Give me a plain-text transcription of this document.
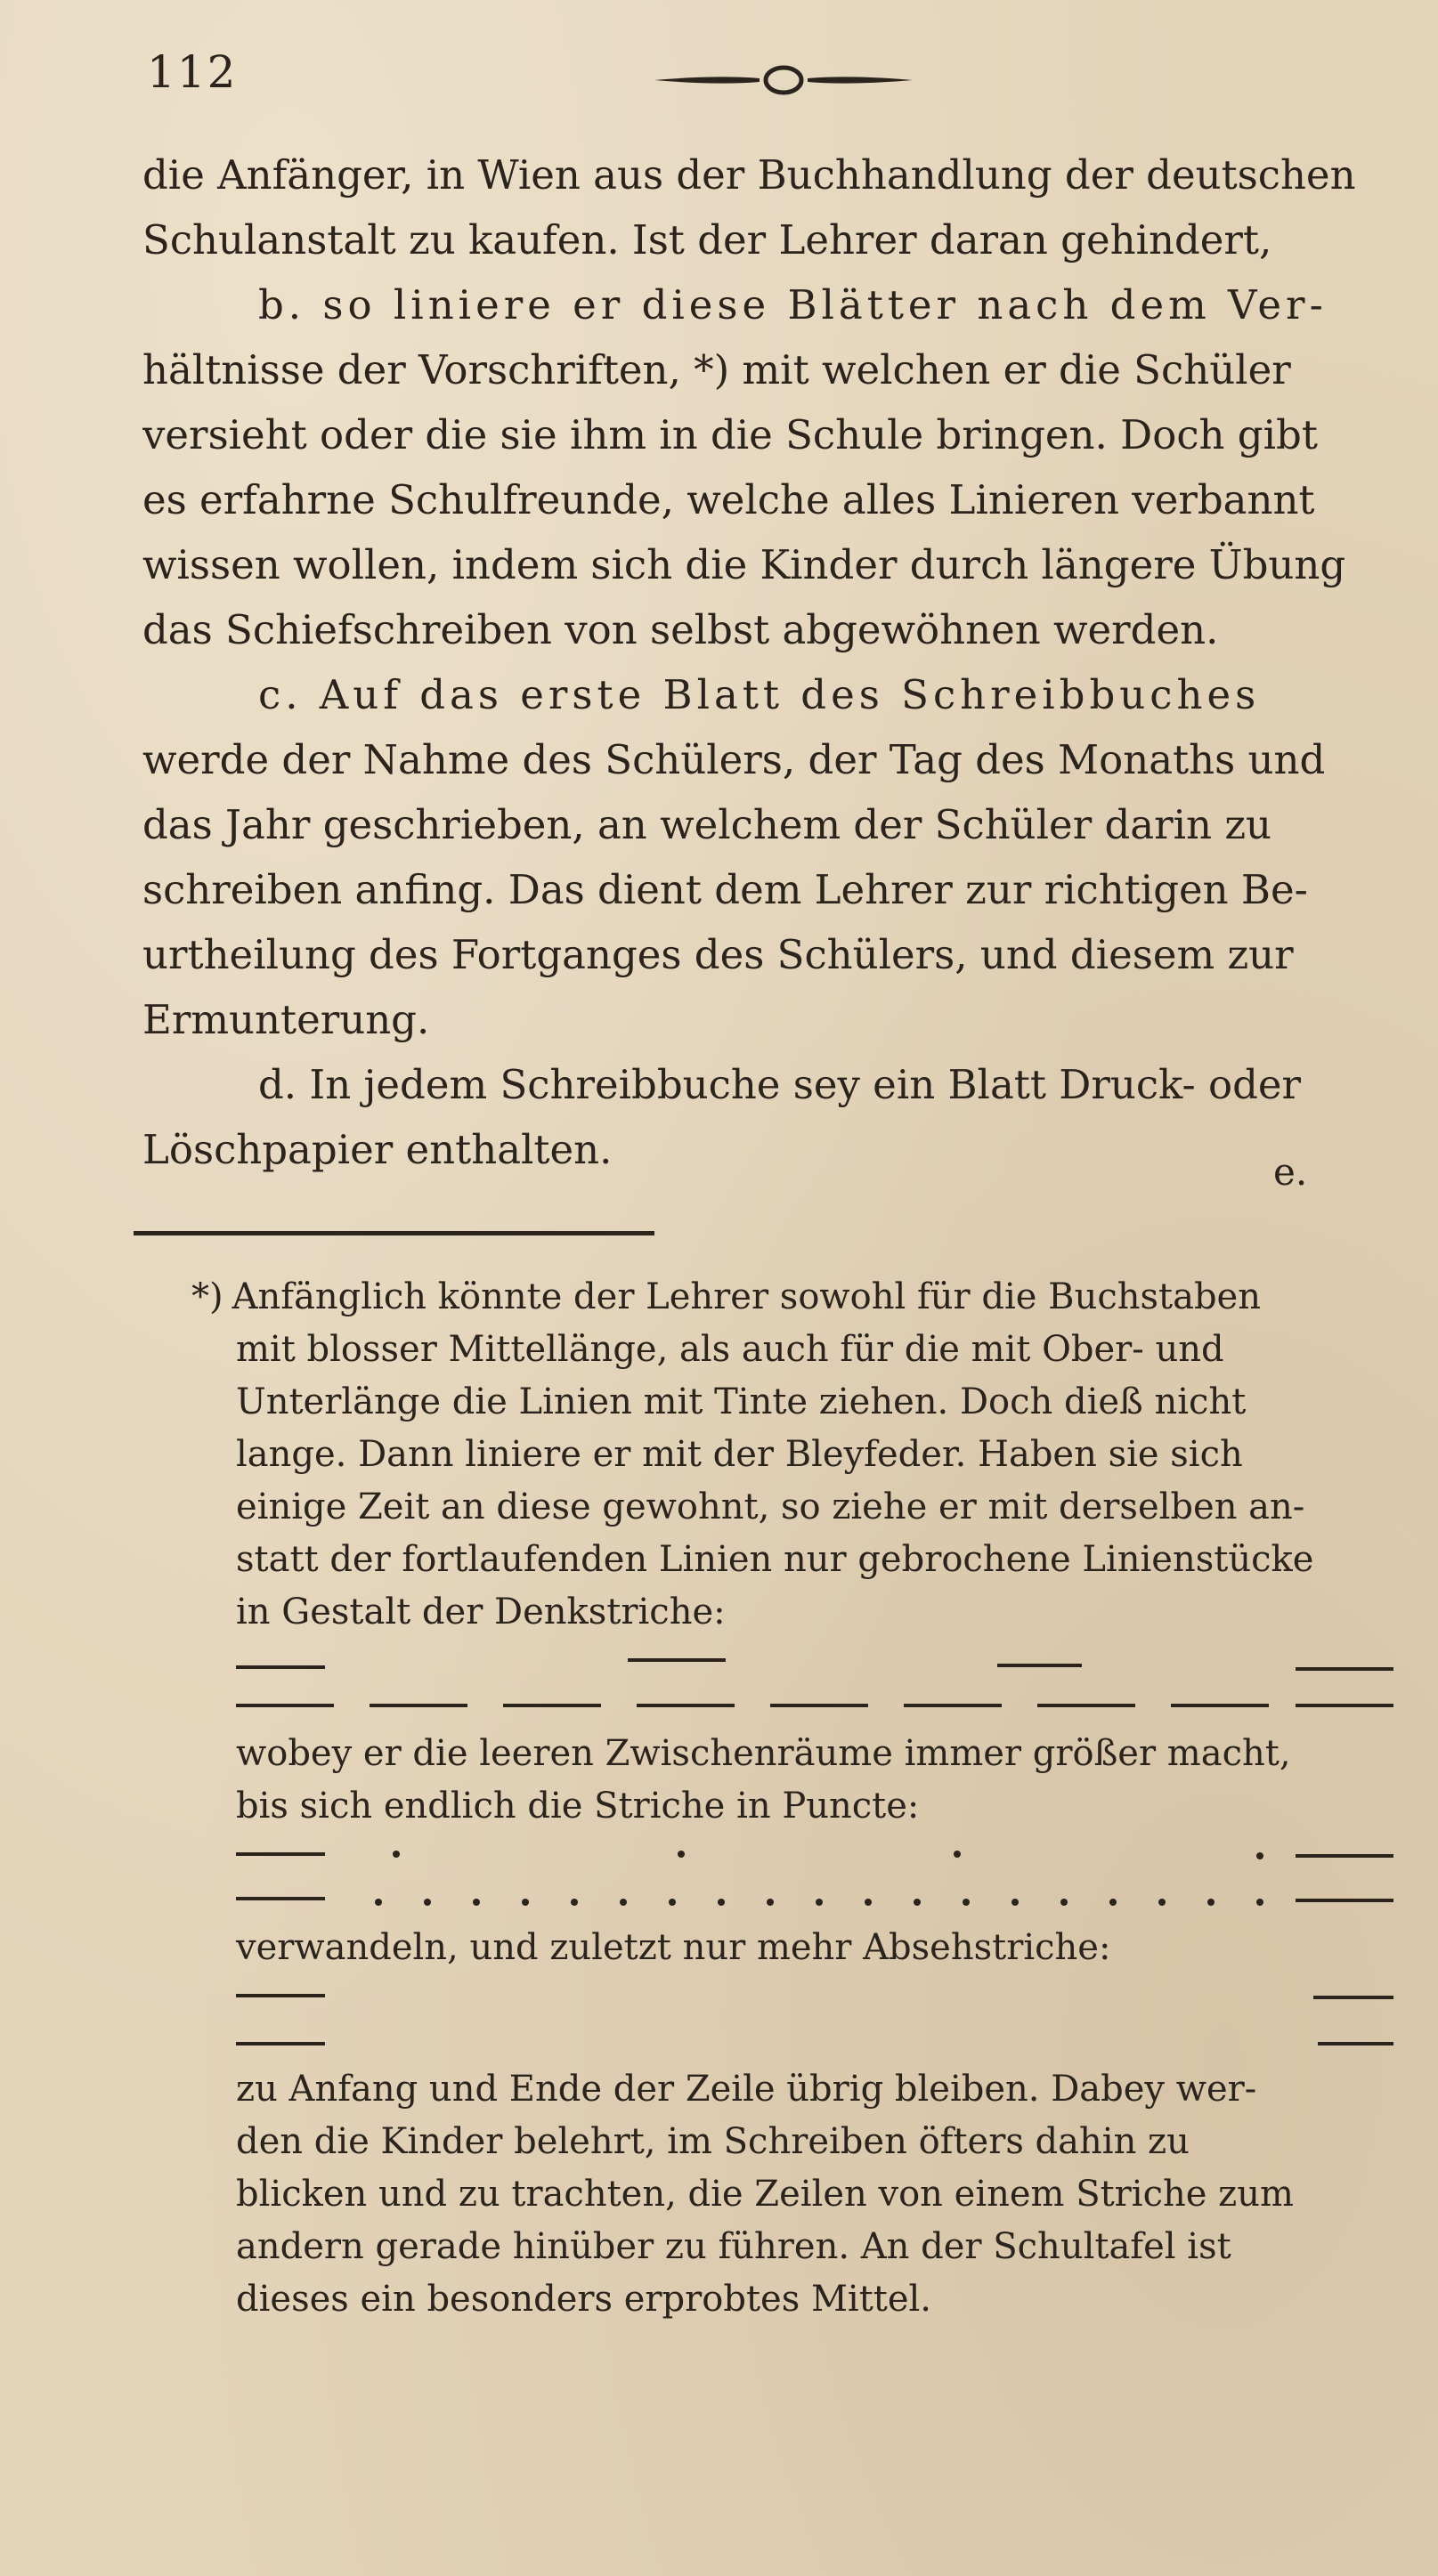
112
die Anfänger, in Wien aus der Buchhandlung der deutschen
Schulanstalt zu kaufen. Ist der Lehrer daran gehindert,
b. so liniere er diese Blätter nach dem Ver-
hältnisse der Vorschriften, *) mit welchen er die Schüler
versieht oder die sie ihm in die Schule bringen. Doch gibt
es erfahrne Schulfreunde, welche alles Linieren verbannt
wissen wollen, indem sich die Kinder durch längere Übung
das Schiefschreiben von selbst abgewöhnen werden.
c. Auf das erste Blatt des Schreibbuches
werde der Nahme des Schülers, der Tag des Monaths und
das Jahr geschrieben, an welchem der Schüler darin zu
schreiben anfing. Das dient dem Lehrer zur richtigen Be-
urtheilung des Fortganges des Schülers, und diesem zur
Ermunterung.
d. In jedem Schreibbuche sey ein Blatt Druck- oder
Löschpapier enthalten.	e.
*) Anfänglich könnte der Lehrer sowohl für die Buchstaben
mit blosser Mittellänge, als auch für die mit Ober- und
Unterlänge die Linien mit Tinte ziehen. Doch dieß nicht
lange. Dann liniere er mit der Bleyfeder. Haben sie sich
einige Zeit an diese gewohnt, so ziehe er mit derselben an-
statt der fortlaufenden Linien nur gebrochene Linienstücke
in Gestalt der Denkstriche:
wobey er die leeren Zwischenräume immer größer macht,
bis sich endlich die Striche in Puncte:
verwandeln, und zuletzt nur mehr Absehstriche:
zu Anfang und Ende der Zeile übrig bleiben. Dabey wer-
den die Kinder belehrt, im Schreiben öfters dahin zu
blicken und zu trachten, die Zeilen von einem Striche zum
andern gerade hinüber zu führen. An der Schultafel ist
dieses ein besonders erprobtes Mittel.
